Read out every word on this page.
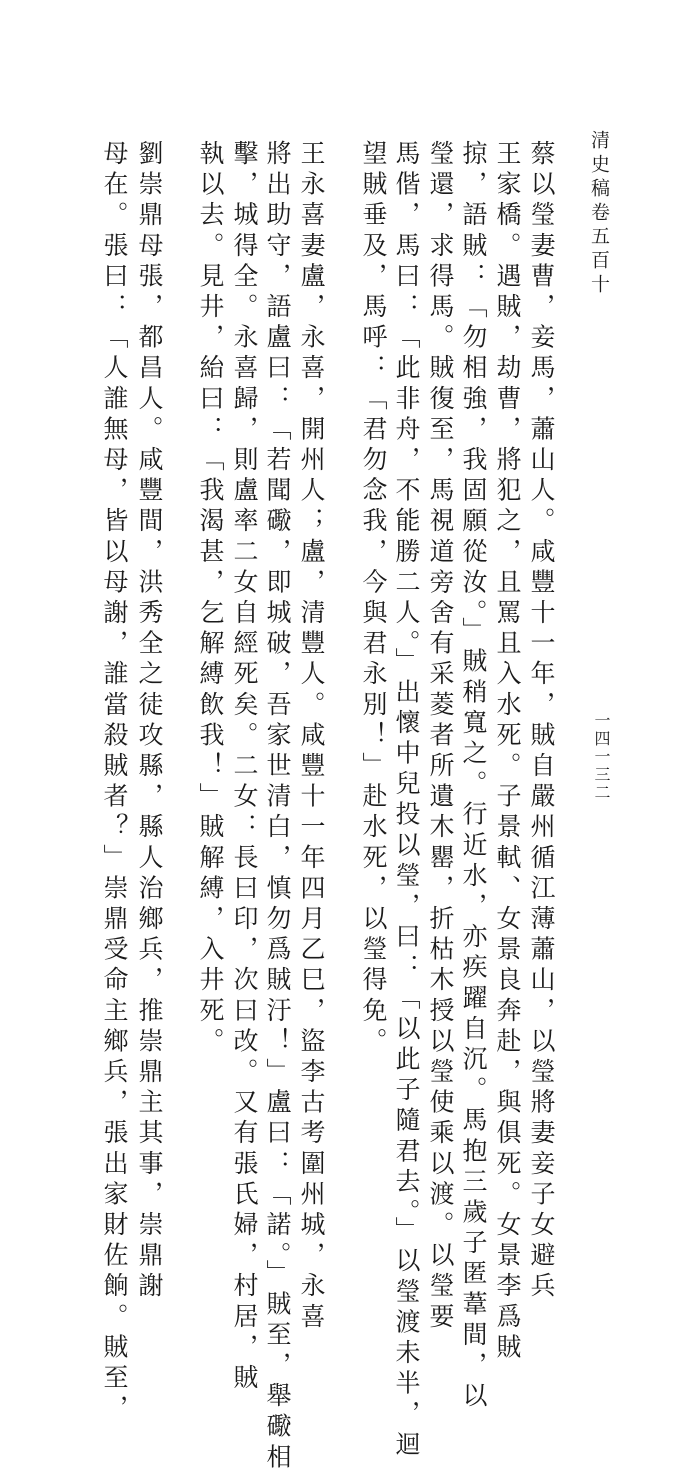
清史稿卷五百十
一四一三二
蔡以瑩妻曹，妾馬，蕭山人。咸豐十一年，賊自嚴州循江薄蕭山，以瑩將妻妾子女避兵
王家橋。遇賊，劫曹，將犯之，且罵且入水死。子景軾、女景良奔赴，與俱死。女景李爲賊
掠，語賊：「勿相強，我固願從汝。」賊稍寬之。行近水，亦疾躍自沉。馬抱三歲子匿葦間，以
瑩還，求得馬。賊復至，馬視道旁舍有采菱者所遺木罌，折枯木授以瑩使乘以渡。以瑩要
馬偕，馬曰：「此非舟，不能勝二人。」出懷中兒投以瑩，曰：「以此子隨君去。」以瑩渡未半，迴
望賊垂及，馬呼：「君勿念我，今與君永別！」赴水死，以瑩得免。
王永喜妻盧，永喜，開州人；盧，清豐人。咸豐十一年四月乙巳，盜李古考圍州城，永喜
將出助守，語盧曰：「若聞礮，即城破，吾家世清白，慎勿爲賊汙！」盧曰：「諾。」賊至，舉礮相
擊，城得全。永喜歸，則盧率二女自經死矣。二女：長曰印，次曰改。又有張氏婦，村居，賊
執以去。見井，紿曰：「我渴甚，乞解縛飲我！」賊解縛，入井死。
劉崇鼎母張，都昌人。咸豐間，洪秀全之徒攻縣，縣人治鄉兵，推崇鼎主其事，崇鼎謝
母在。張曰：「人誰無母，皆以母謝，誰當殺賊者？」崇鼎受命主鄉兵，張出家財佐餉。賊至，
